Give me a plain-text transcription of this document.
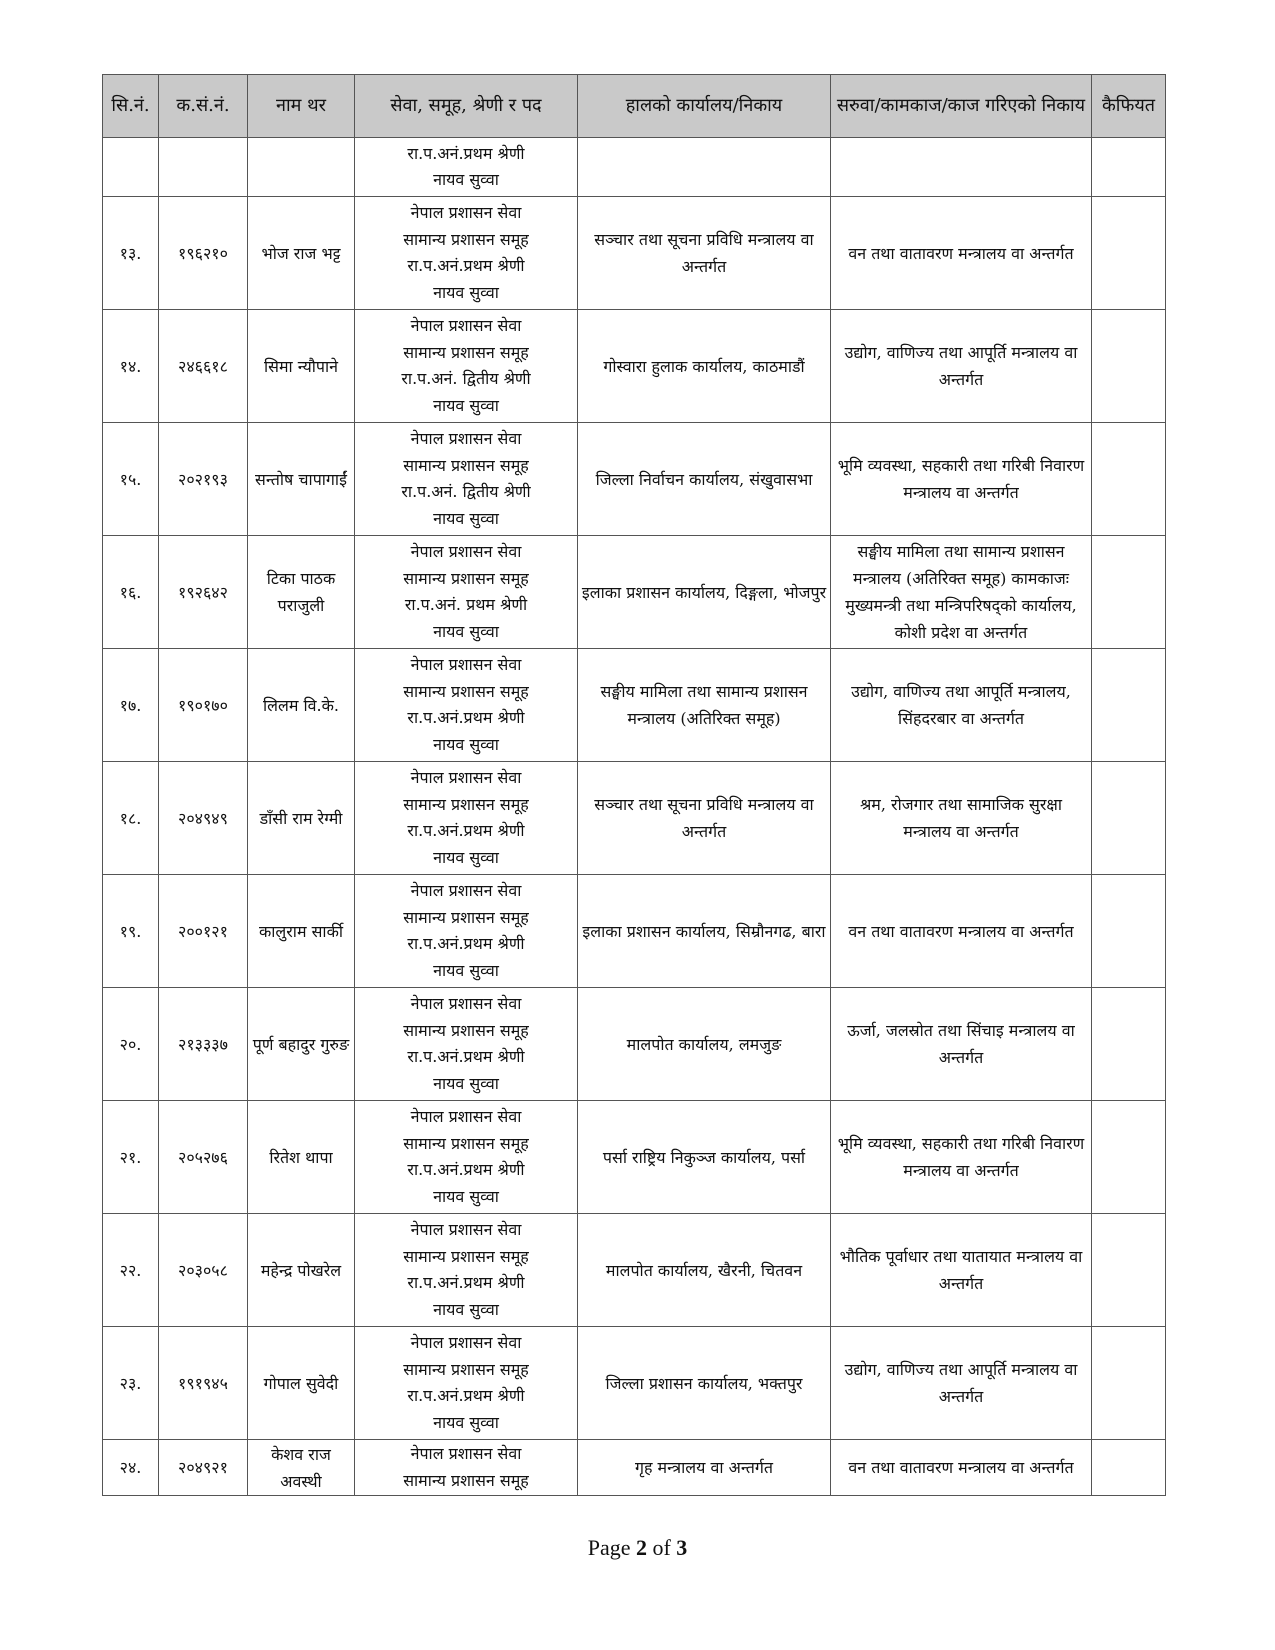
सि.नं.	क.सं.नं.	नाम थर	सेवा, समूह, श्रेणी र पद	हालको कार्यालय/निकाय	सरुवा/कामकाज/काज गरिएको निकाय	कैफियत

			रा.प.अनं.प्रथम श्रेणी
नायव सुव्वा			

१३.	१९६२१०	भोज राज भट्ट	नेपाल प्रशासन सेवा
सामान्य प्रशासन समूह
रा.प.अनं.प्रथम श्रेणी
नायव सुव्वा	सञ्चार तथा सूचना प्रविधि मन्त्रालय वा अन्तर्गत	वन तथा वातावरण मन्त्रालय वा अन्तर्गत	
१४.	२४६६१८	सिमा न्यौपाने	नेपाल प्रशासन सेवा
सामान्य प्रशासन समूह
रा.प.अनं. द्वितीय श्रेणी
नायव सुव्वा	गोस्वारा हुलाक कार्यालय, काठमाडौं	उद्योग, वाणिज्य तथा आपूर्ति मन्त्रालय वा अन्तर्गत	
१५.	२०२१९३	सन्तोष चापागाईं	नेपाल प्रशासन सेवा
सामान्य प्रशासन समूह
रा.प.अनं. द्वितीय श्रेणी
नायव सुव्वा	जिल्ला निर्वाचन कार्यालय, संखुवासभा	भूमि व्यवस्था, सहकारी तथा गरिबी निवारण मन्त्रालय वा अन्तर्गत	
१६.	१९२६४२	टिका पाठक पराजुली	नेपाल प्रशासन सेवा
सामान्य प्रशासन समूह
रा.प.अनं. प्रथम श्रेणी
नायव सुव्वा	इलाका प्रशासन कार्यालय, दिङ्गला, भोजपुर	सङ्घीय मामिला तथा सामान्य प्रशासन मन्त्रालय (अतिरिक्त समूह) कामकाजः मुख्यमन्त्री तथा मन्त्रिपरिषद्को कार्यालय, कोशी प्रदेश वा अन्तर्गत	
१७.	१९०१७०	लिलम वि.के.	नेपाल प्रशासन सेवा
सामान्य प्रशासन समूह
रा.प.अनं.प्रथम श्रेणी
नायव सुव्वा	सङ्घीय मामिला तथा सामान्य प्रशासन मन्त्रालय (अतिरिक्त समूह)	उद्योग, वाणिज्य तथा आपूर्ति मन्त्रालय, सिंहदरबार वा अन्तर्गत	
१८.	२०४९४९	डाँसी राम रेग्मी	नेपाल प्रशासन सेवा
सामान्य प्रशासन समूह
रा.प.अनं.प्रथम श्रेणी
नायव सुव्वा	सञ्चार तथा सूचना प्रविधि मन्त्रालय वा अन्तर्गत	श्रम, रोजगार तथा सामाजिक सुरक्षा मन्त्रालय वा अन्तर्गत	
१९.	२००१२१	कालुराम सार्की	नेपाल प्रशासन सेवा
सामान्य प्रशासन समूह
रा.प.अनं.प्रथम श्रेणी
नायव सुव्वा	इलाका प्रशासन कार्यालय, सिम्रौनगढ, बारा	वन तथा वातावरण मन्त्रालय वा अन्तर्गत	
२०.	२१३३३७	पूर्ण बहादुर गुरुङ	नेपाल प्रशासन सेवा
सामान्य प्रशासन समूह
रा.प.अनं.प्रथम श्रेणी
नायव सुव्वा	मालपोत कार्यालय, लमजुङ	ऊर्जा, जलस्रोत तथा सिंचाइ मन्त्रालय वा अन्तर्गत	
२१.	२०५२७६	रितेश थापा	नेपाल प्रशासन सेवा
सामान्य प्रशासन समूह
रा.प.अनं.प्रथम श्रेणी
नायव सुव्वा	पर्सा राष्ट्रिय निकुञ्ज कार्यालय, पर्सा	भूमि व्यवस्था, सहकारी तथा गरिबी निवारण मन्त्रालय वा अन्तर्गत	
२२.	२०३०५८	महेन्द्र पोखरेल	नेपाल प्रशासन सेवा
सामान्य प्रशासन समूह
रा.प.अनं.प्रथम श्रेणी
नायव सुव्वा	मालपोत कार्यालय, खैरनी, चितवन	भौतिक पूर्वाधार तथा यातायात मन्त्रालय वा अन्तर्गत	
२३.	१९१९४५	गोपाल सुवेदी	नेपाल प्रशासन सेवा
सामान्य प्रशासन समूह
रा.प.अनं.प्रथम श्रेणी
नायव सुव्वा	जिल्ला प्रशासन कार्यालय, भक्तपुर	उद्योग, वाणिज्य तथा आपूर्ति मन्त्रालय वा अन्तर्गत	
२४.	२०४९२१	केशव राज अवस्थी	नेपाल प्रशासन सेवा
सामान्य प्रशासन समूह	गृह मन्त्रालय वा अन्तर्गत	वन तथा वातावरण मन्त्रालय वा अन्तर्गत	
Page 2 of 3
